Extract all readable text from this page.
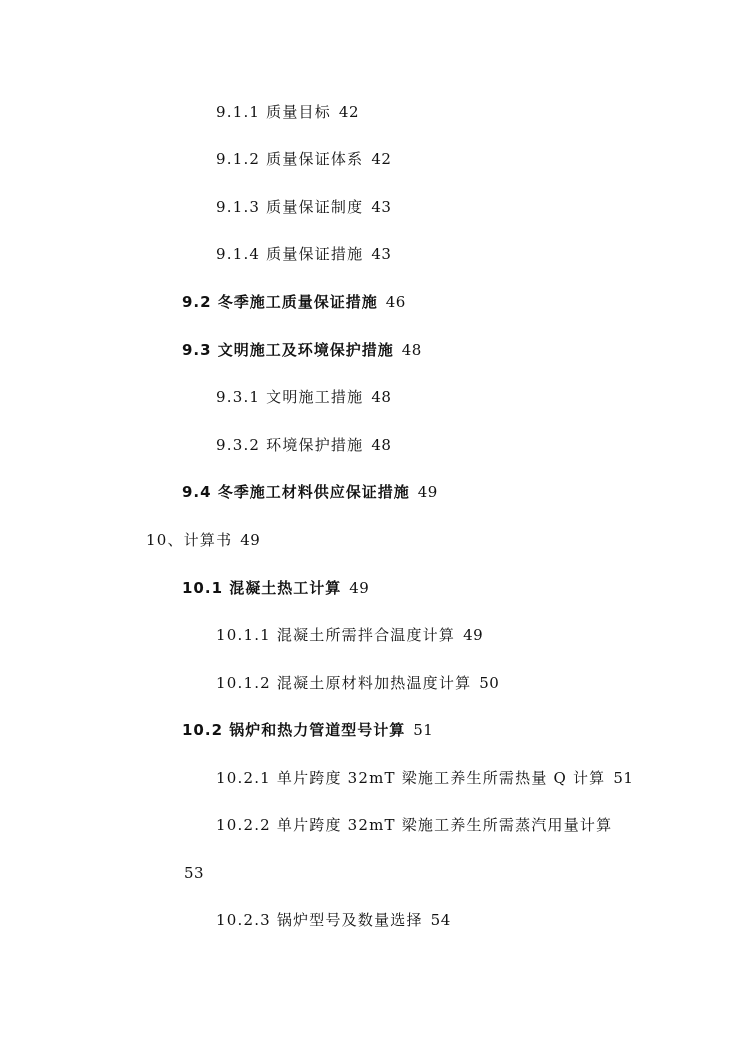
9.1.1 质量目标 42
9.1.2 质量保证体系 42
9.1.3 质量保证制度 43
9.1.4 质量保证措施 43
9.2 冬季施工质量保证措施 46
9.3 文明施工及环境保护措施 48
9.3.1 文明施工措施 48
9.3.2 环境保护措施 48
9.4 冬季施工材料供应保证措施 49
10、计算书 49
10.1 混凝土热工计算 49
10.1.1 混凝土所需拌合温度计算 49
10.1.2 混凝土原材料加热温度计算 50
10.2 锅炉和热力管道型号计算 51
10.2.1 单片跨度 32mT 梁施工养生所需热量 Q 计算 51
10.2.2 单片跨度 32mT 梁施工养生所需蒸汽用量计算
53
10.2.3 锅炉型号及数量选择 54
